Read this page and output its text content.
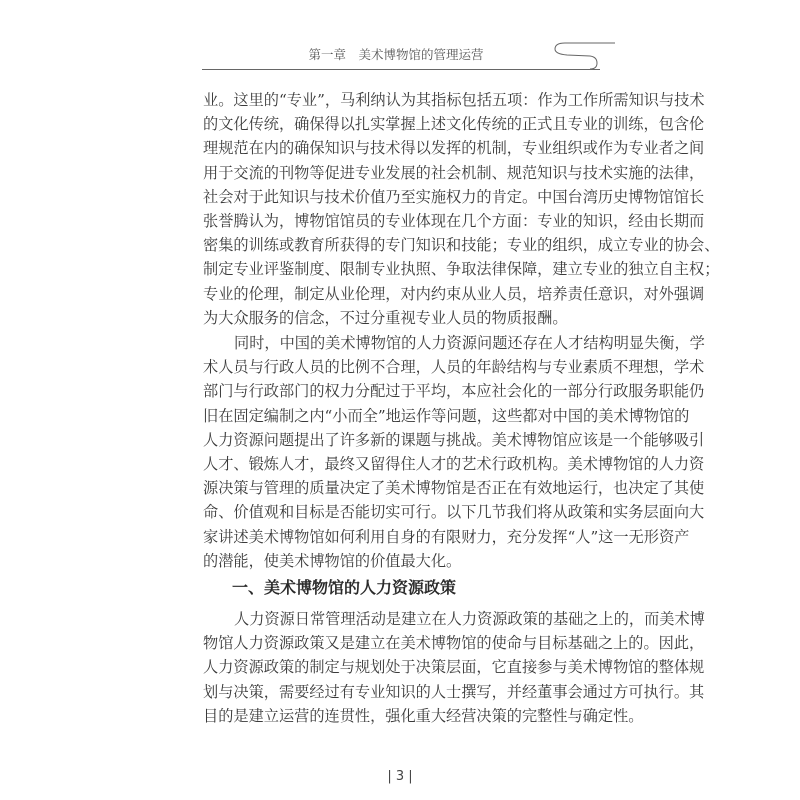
第一章　美术博物馆的管理运营
业。这里的“专业”，马利纳认为其指标包括五项：作为工作所需知识与技术
的文化传统，确保得以扎实掌握上述文化传统的正式且专业的训练，包含伦
理规范在内的确保知识与技术得以发挥的机制，专业组织或作为专业者之间
用于交流的刊物等促进专业发展的社会机制、规范知识与技术实施的法律，
社会对于此知识与技术价值乃至实施权力的肯定。中国台湾历史博物馆馆长
张誉腾认为，博物馆馆员的专业体现在几个方面：专业的知识，经由长期而
密集的训练或教育所获得的专门知识和技能；专业的组织，成立专业的协会、
制定专业评鉴制度、限制专业执照、争取法律保障，建立专业的独立自主权；
专业的伦理，制定从业伦理，对内约束从业人员，培养责任意识，对外强调
为大众服务的信念，不过分重视专业人员的物质报酬。
同时，中国的美术博物馆的人力资源问题还存在人才结构明显失衡，学
术人员与行政人员的比例不合理，人员的年龄结构与专业素质不理想，学术
部门与行政部门的权力分配过于平均，本应社会化的一部分行政服务职能仍
旧在固定编制之内“小而全”地运作等问题，这些都对中国的美术博物馆的
人力资源问题提出了许多新的课题与挑战。美术博物馆应该是一个能够吸引
人才、锻炼人才，最终又留得住人才的艺术行政机构。美术博物馆的人力资
源决策与管理的质量决定了美术博物馆是否正在有效地运行，也决定了其使
命、价值观和目标是否能切实可行。以下几节我们将从政策和实务层面向大
家讲述美术博物馆如何利用自身的有限财力，充分发挥“人”这一无形资产
的潜能，使美术博物馆的价值最大化。
人力资源日常管理活动是建立在人力资源政策的基础之上的，而美术博
物馆人力资源政策又是建立在美术博物馆的使命与目标基础之上的。因此，
人力资源政策的制定与规划处于决策层面，它直接参与美术博物馆的整体规
划与决策，需要经过有专业知识的人士撰写，并经董事会通过方可执行。其
目的是建立运营的连贯性，强化重大经营决策的完整性与确定性。
一、美术博物馆的人力资源政策
| 3 |
